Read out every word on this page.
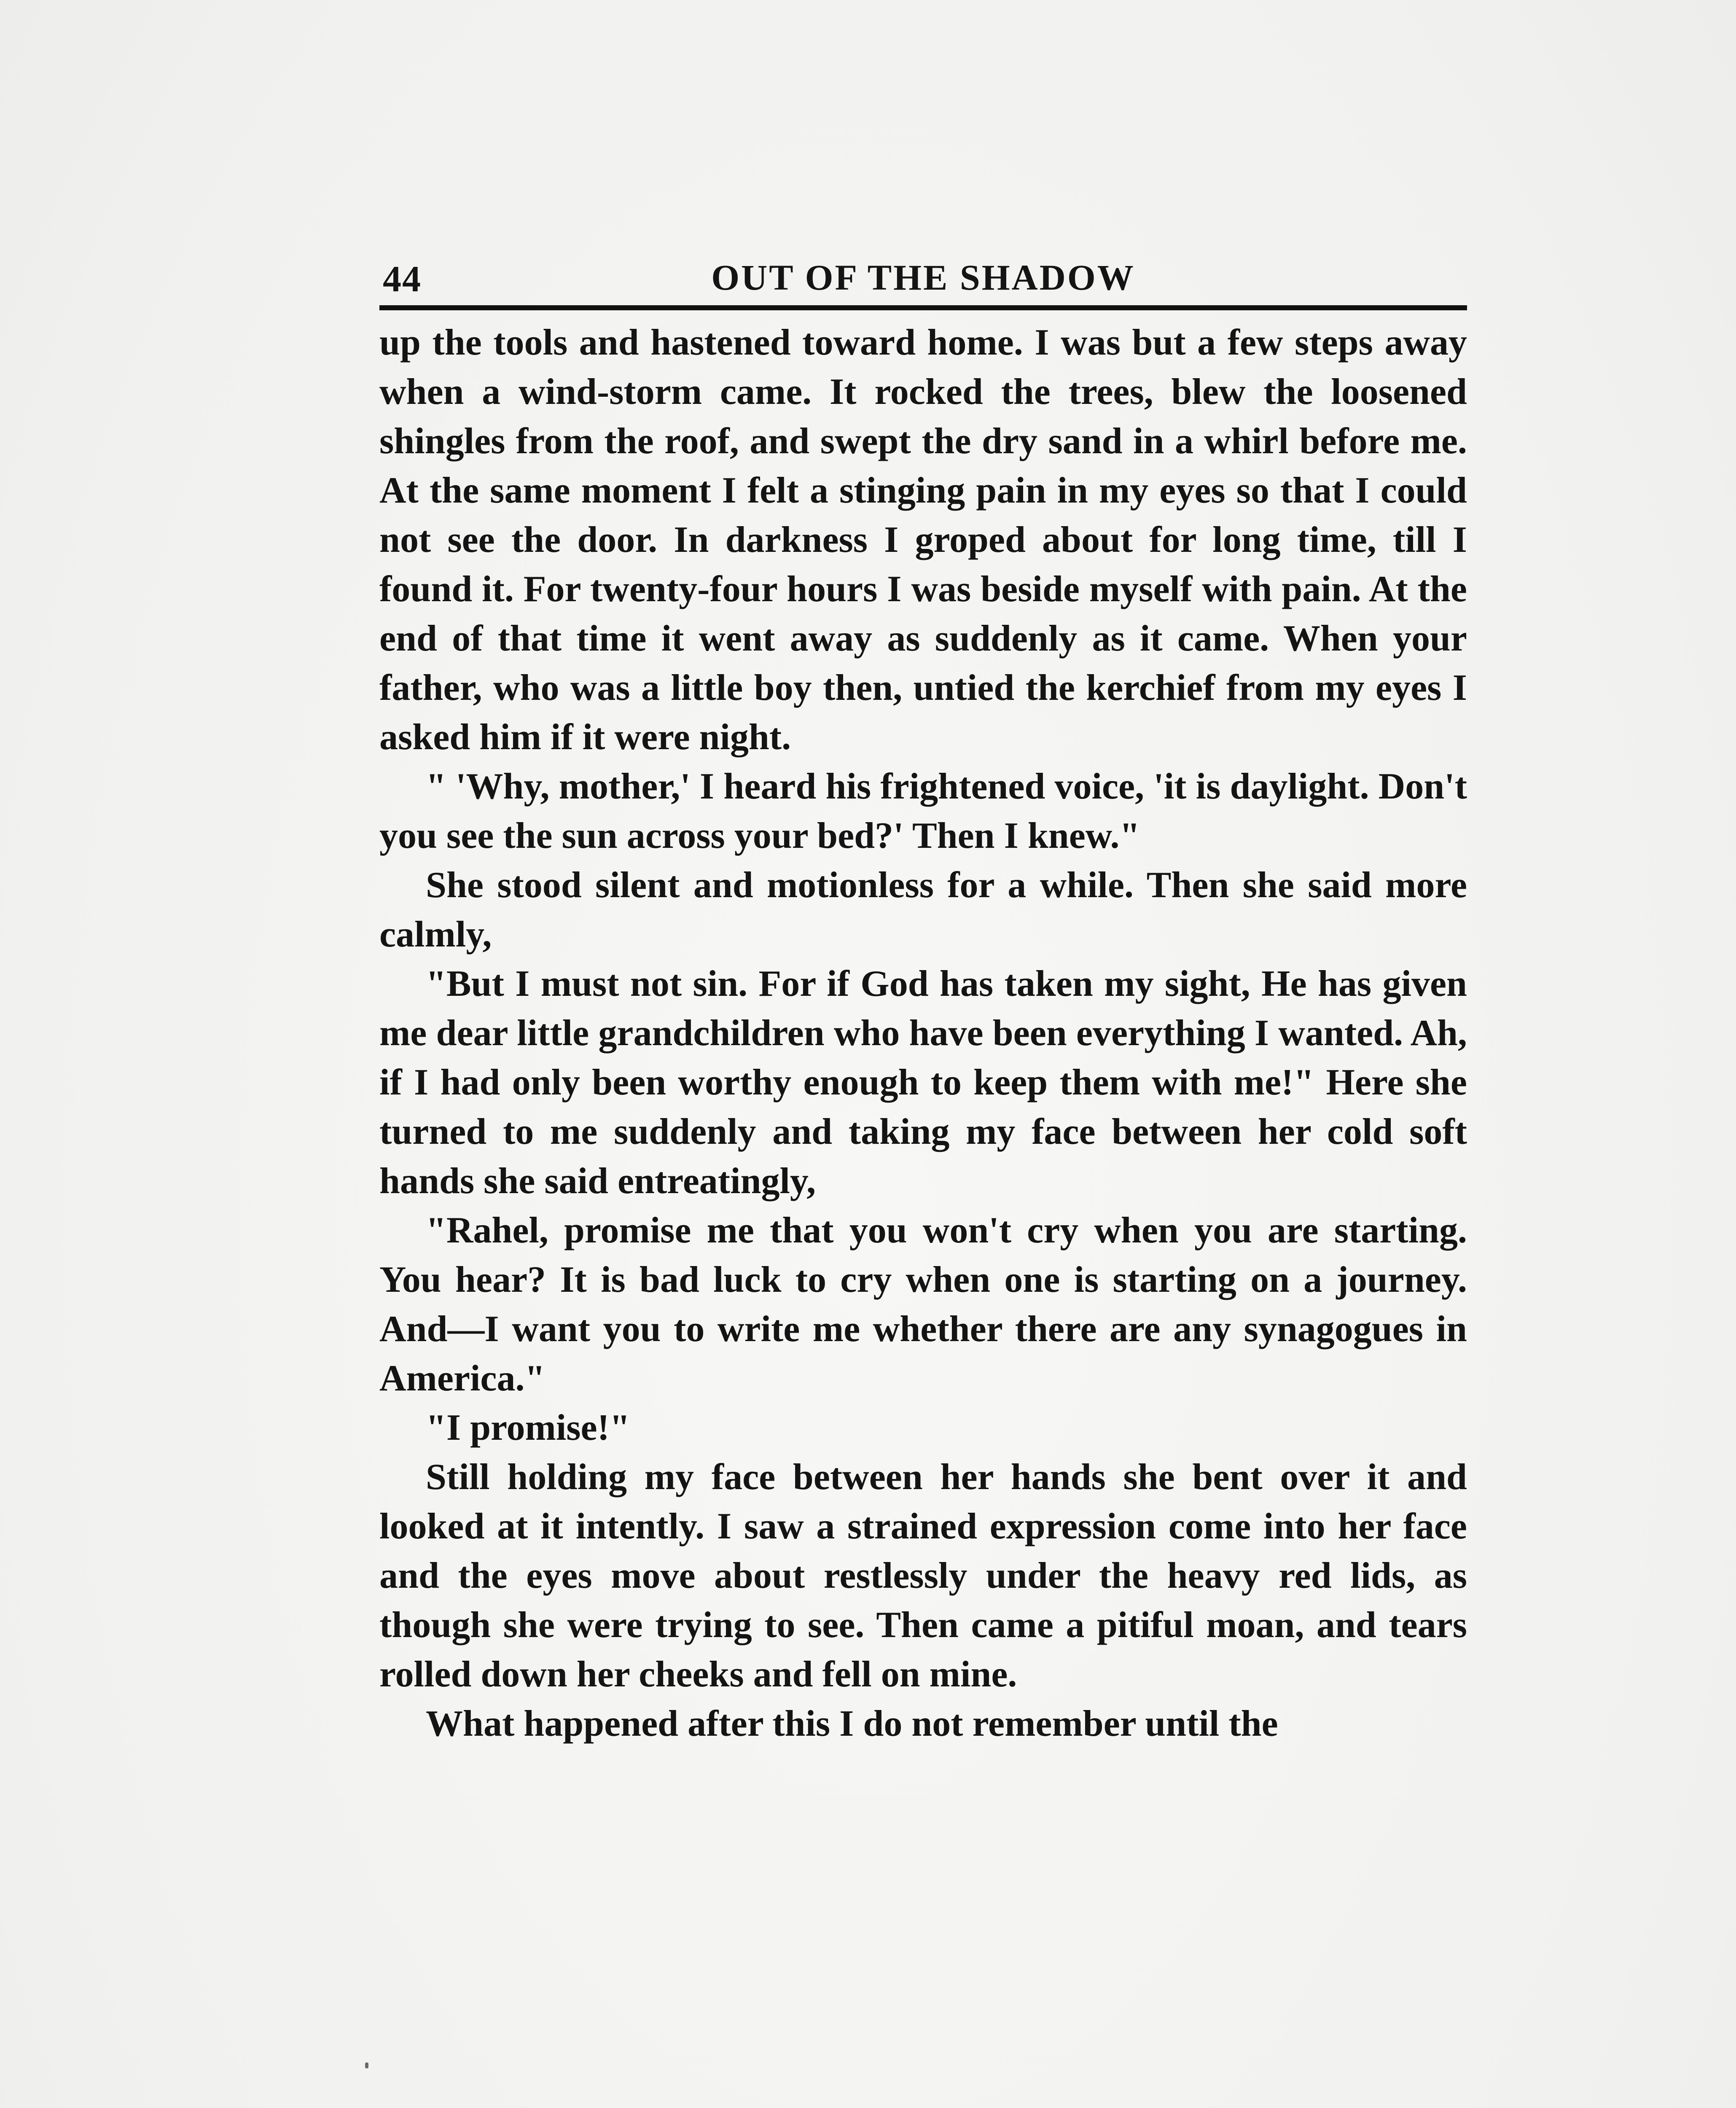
44	OUT OF THE SHADOW

up the tools and hastened toward home. I was but a few steps away when a wind-storm came. It rocked the trees, blew the loosened shingles from the roof, and swept the dry sand in a whirl before me. At the same moment I felt a stinging pain in my eyes so that I could not see the door. In darkness I groped about for long time, till I found it. For twenty-four hours I was beside myself with pain. At the end of that time it went away as suddenly as it came. When your father, who was a little boy then, untied the kerchief from my eyes I asked him if it were night.

" 'Why, mother,' I heard his frightened voice, 'it is daylight. Don't you see the sun across your bed?' Then I knew."

She stood silent and motionless for a while. Then she said more calmly,

"But I must not sin. For if God has taken my sight, He has given me dear little grandchildren who have been everything I wanted. Ah, if I had only been worthy enough to keep them with me!" Here she turned to me suddenly and taking my face between her cold soft hands she said entreatingly,

"Rahel, promise me that you won't cry when you are starting. You hear? It is bad luck to cry when one is starting on a journey. And—I want you to write me whether there are any synagogues in America."

"I promise!"

Still holding my face between her hands she bent over it and looked at it intently. I saw a strained expression come into her face and the eyes move about restlessly under the heavy red lids, as though she were trying to see. Then came a pitiful moan, and tears rolled down her cheeks and fell on mine.

What happened after this I do not remember until the
